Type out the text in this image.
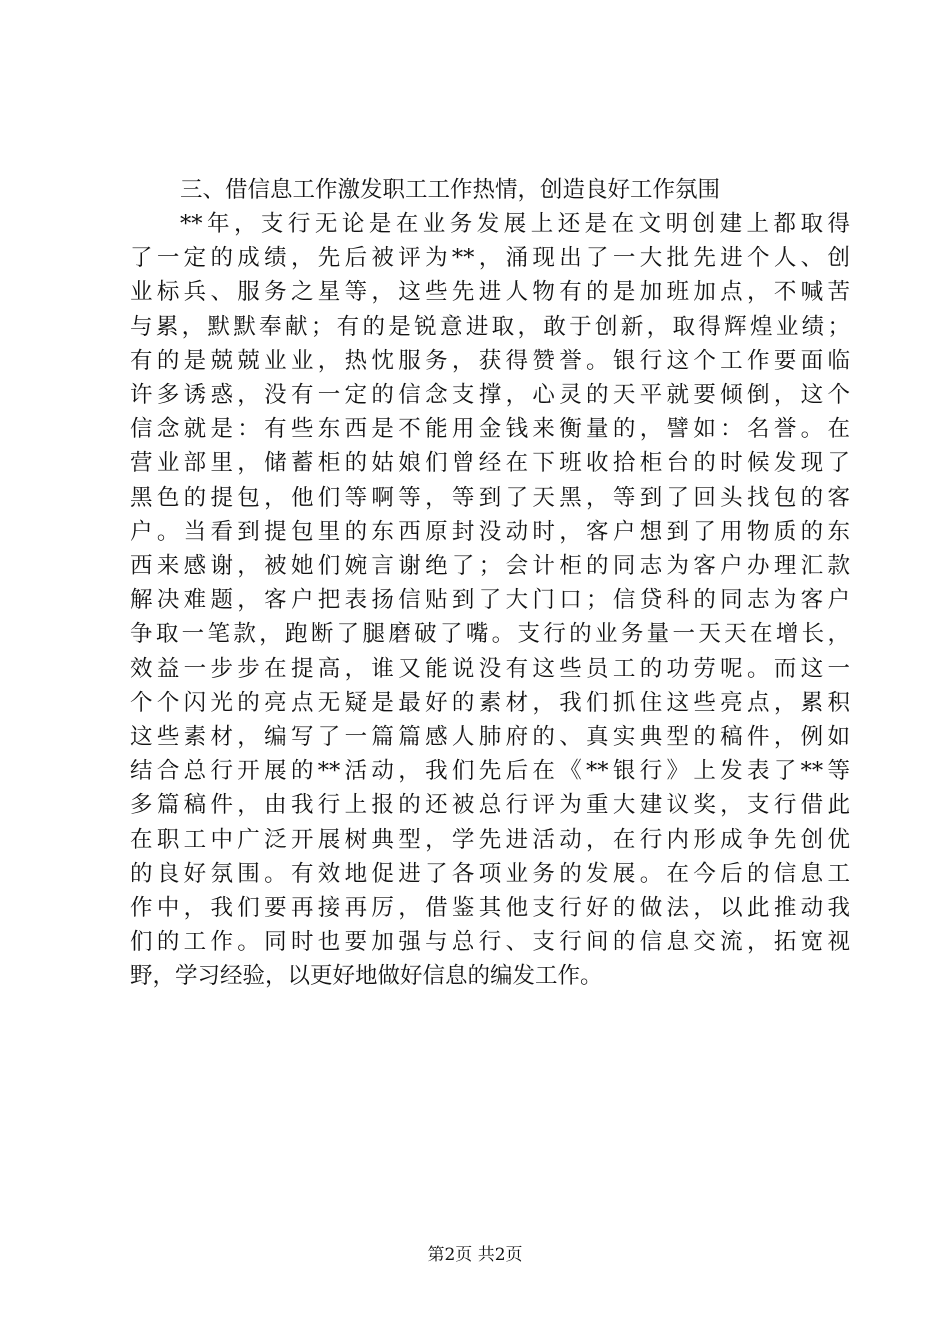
三、借信息工作激发职工工作热情，创造良好工作氛围
**年，支行无论是在业务发展上还是在文明创建上都取得
了一定的成绩，先后被评为**，涌现出了一大批先进个人、创
业标兵、服务之星等，这些先进人物有的是加班加点，不喊苦
与累，默默奉献；有的是锐意进取，敢于创新，取得辉煌业绩；
有的是兢兢业业，热忱服务，获得赞誉。银行这个工作要面临
许多诱惑，没有一定的信念支撑，心灵的天平就要倾倒，这个
信念就是：有些东西是不能用金钱来衡量的，譬如：名誉。在
营业部里，储蓄柜的姑娘们曾经在下班收拾柜台的时候发现了
黑色的提包，他们等啊等，等到了天黑，等到了回头找包的客
户。当看到提包里的东西原封没动时，客户想到了用物质的东
西来感谢，被她们婉言谢绝了；会计柜的同志为客户办理汇款
解决难题，客户把表扬信贴到了大门口；信贷科的同志为客户
争取一笔款，跑断了腿磨破了嘴。支行的业务量一天天在增长，
效益一步步在提高，谁又能说没有这些员工的功劳呢。而这一
个个闪光的亮点无疑是最好的素材，我们抓住这些亮点，累积
这些素材，编写了一篇篇感人肺府的、真实典型的稿件，例如
结合总行开展的**活动，我们先后在《**银行》上发表了**等
多篇稿件，由我行上报的还被总行评为重大建议奖，支行借此
在职工中广泛开展树典型，学先进活动，在行内形成争先创优
的良好氛围。有效地促进了各项业务的发展。在今后的信息工
作中，我们要再接再厉，借鉴其他支行好的做法，以此推动我
们的工作。同时也要加强与总行、支行间的信息交流，拓宽视
野，学习经验，以更好地做好信息的编发工作。
第2页 共2页
